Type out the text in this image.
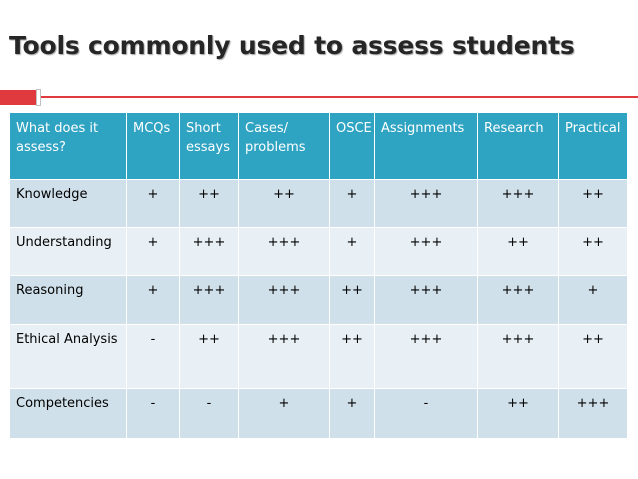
Tools commonly used to assess students
What does it assess?	MCQs	Short essays	Cases/ problems	OSCE	Assignments	Research	Practical
Knowledge	+	++	++	+	+++	+++	++
Understanding	+	+++	+++	+	+++	++	++
Reasoning	+	+++	+++	++	+++	+++	+
Ethical Analysis	-	++	+++	++	+++	+++	++
Competencies	-	-	+	+	-	++	+++
